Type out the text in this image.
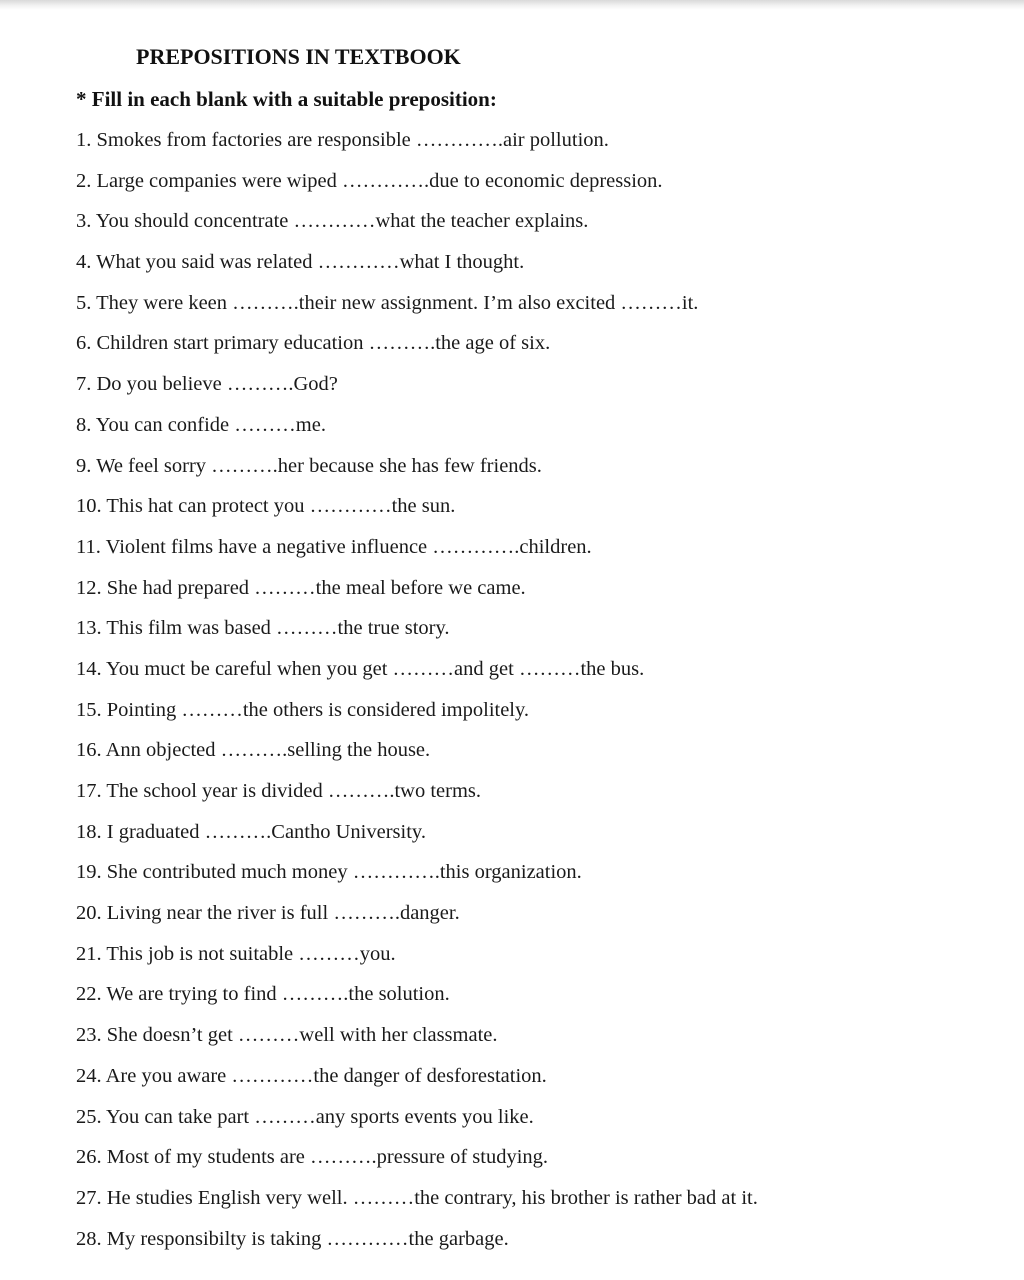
PREPOSITIONS IN TEXTBOOK

* Fill in each blank with a suitable preposition:

1. Smokes from factories are responsible ………….air pollution.
2. Large companies were wiped ………….due to economic depression.
3. You should concentrate …………what the teacher explains.
4. What you said was related …………what I thought.
5. They were keen ……….their new assignment. I’m also excited ………it.
6. Children start primary education ……….the age of six.
7. Do you believe ……….God?
8. You can confide ………me.
9. We feel sorry ……….her because she has few friends.
10. This hat can protect you …………the sun.
11. Violent films have a negative influence ………….children.
12. She had prepared ………the meal before we came.
13. This film was based ………the true story.
14. You muct be careful when you get ………and get ………the bus.
15. Pointing ………the others is considered impolitely.
16. Ann objected ……….selling the house.
17. The school year is divided ……….two terms.
18. I graduated ……….Cantho University.
19. She contributed much money ………….this organization.
20. Living near the river is full ……….danger.
21. This job is not suitable ………you.
22. We are trying to find ……….the solution.
23. She doesn’t get ………well with her classmate.
24. Are you aware …………the danger of desforestation.
25. You can take part ………any sports events you like.
26. Most of my students are ……….pressure of studying.
27. He studies English very well. ………the contrary, his brother is rather bad at it.
28. My responsibilty is taking …………the garbage.
